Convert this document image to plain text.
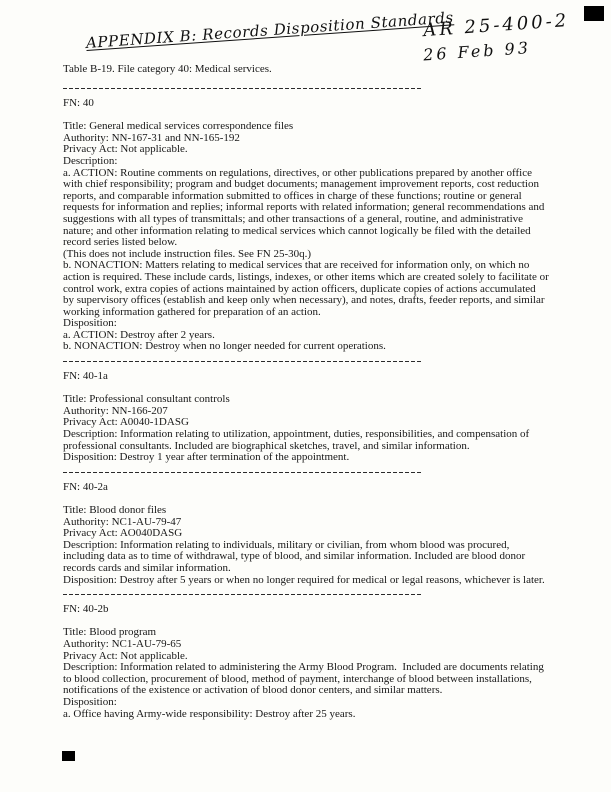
APPENDIX B: Records Disposition Standards
AR 25-400-2
26 Feb 93
Table B-19. File category 40: Medical services.
FN: 40
Title: General medical services correspondence files
Authority: NN-167-31 and NN-165-192
Privacy Act: Not applicable.
Description:
a. ACTION: Routine comments on regulations, directives, or other publications prepared by another office with chief responsibility; program and budget documents; management improvement reports, cost reduction reports, and comparable information submitted to offices in charge of these functions; routine or general requests for information and replies; informal reports with related information; general recommendations and suggestions with all types of transmittals; and other transactions of a general, routine, and administrative nature; and other information relating to medical services which cannot logically be filed with the detailed record series listed below.
(This does not include instruction files. See FN 25-30q.)
b. NONACTION: Matters relating to medical services that are received for information only, on which no action is required. These include cards, listings, indexes, or other items which are created solely to facilitate or control work, extra copies of actions maintained by action officers, duplicate copies of actions accumulated by supervisory offices (establish and keep only when necessary), and notes, drafts, feeder reports, and similar working information gathered for preparation of an action.
Disposition:
a. ACTION: Destroy after 2 years.
b. NONACTION: Destroy when no longer needed for current operations.
FN: 40-1a
Title: Professional consultant controls
Authority: NN-166-207
Privacy Act: A0040-1DASG
Description: Information relating to utilization, appointment, duties, responsibilities, and compensation of professional consultants. Included are biographical sketches, travel, and similar information.
Disposition: Destroy 1 year after termination of the appointment.
FN: 40-2a
Title: Blood donor files
Authority: NC1-AU-79-47
Privacy Act: AO040DASG
Description: Information relating to individuals, military or civilian, from whom blood was procured, including data as to time of withdrawal, type of blood, and similar information. Included are blood donor records cards and similar information.
Disposition: Destroy after 5 years or when no longer required for medical or legal reasons, whichever is later.
FN: 40-2b
Title: Blood program
Authority: NC1-AU-79-65
Privacy Act: Not applicable.
Description: Information related to administering the Army Blood Program.  Included are documents relating to blood collection, procurement of blood, method of payment, interchange of blood between installations, notifications of the existence or activation of blood donor centers, and similar matters.
Disposition:
a. Office having Army-wide responsibility: Destroy after 25 years.
